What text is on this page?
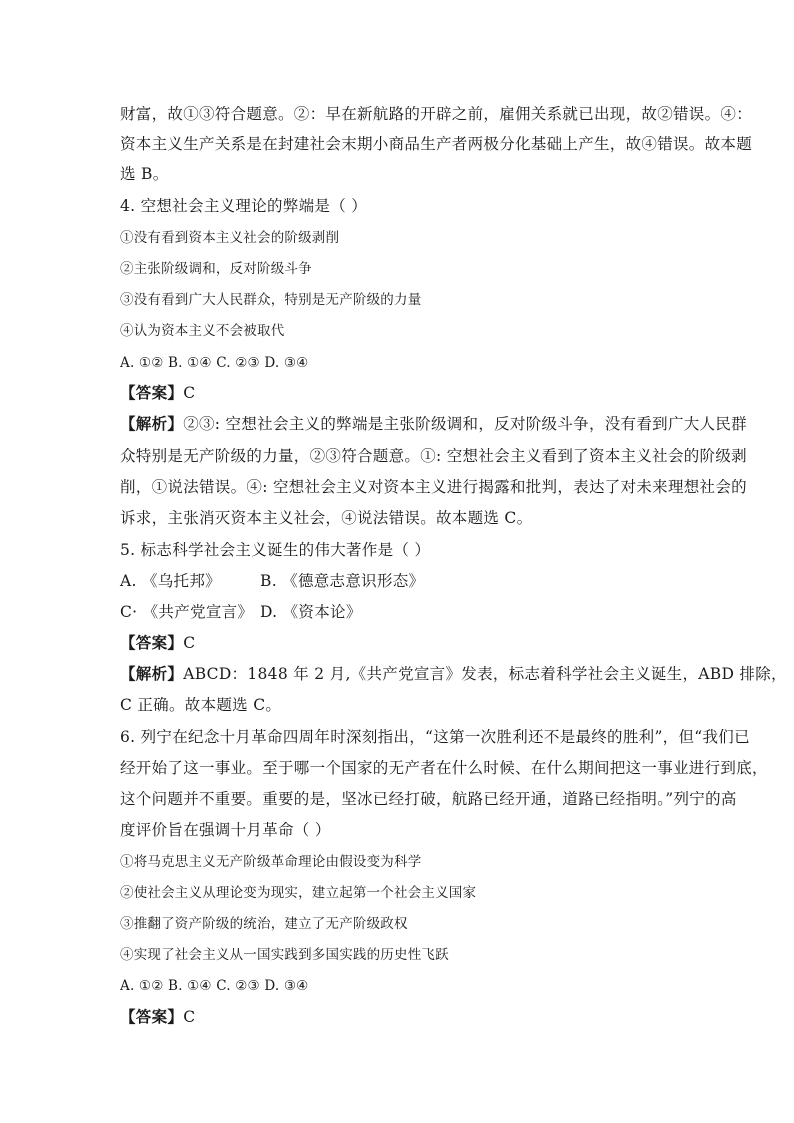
财富，故①③符合题意。②：早在新航路的开辟之前，雇佣关系就已出现，故②错误。④：
资本主义生产关系是在封建社会末期小商品生产者两极分化基础上产生，故④错误。故本题
选 B。
4. 空想社会主义理论的弊端是（ ）
①没有看到资本主义社会的阶级剥削
②主张阶级调和，反对阶级斗争
③没有看到广大人民群众，特别是无产阶级的力量
④认为资本主义不会被取代
A. ①② B. ①④ C. ②③ D. ③④
【答案】C
【解析】②③: 空想社会主义的弊端是主张阶级调和，反对阶级斗争，没有看到广大人民群
众特别是无产阶级的力量，②③符合题意。①: 空想社会主义看到了资本主义社会的阶级剥
削，①说法错误。④: 空想社会主义对资本主义进行揭露和批判，表达了对未来理想社会的
诉求，主张消灭资本主义社会，④说法错误。故本题选 C。
5. 标志科学社会主义诞生的伟大著作是（ ）
A. 《乌托邦》	B. 《德意志意识形态》
C· 《共产党宣言》 D. 《资本论》
【答案】C
【解析】ABCD：1848 年 2 月,《共产党宣言》发表，标志着科学社会主义诞生，ABD 排除，
C 正确。故本题选 C。
6. 列宁在纪念十月革命四周年时深刻指出，“这第一次胜利还不是最终的胜利”，但“我们已
经开始了这一事业。至于哪一个国家的无产者在什么时候、在什么期间把这一事业进行到底，
这个问题并不重要。重要的是，坚冰已经打破，航路已经开通，道路已经指明。”列宁的高
度评价旨在强调十月革命（ ）
①将马克思主义无产阶级革命理论由假设变为科学
②使社会主义从理论变为现实，建立起第一个社会主义国家
③推翻了资产阶级的统治，建立了无产阶级政权
④实现了社会主义从一国实践到多国实践的历史性飞跃
A. ①② B. ①④ C. ②③ D. ③④
【答案】C
